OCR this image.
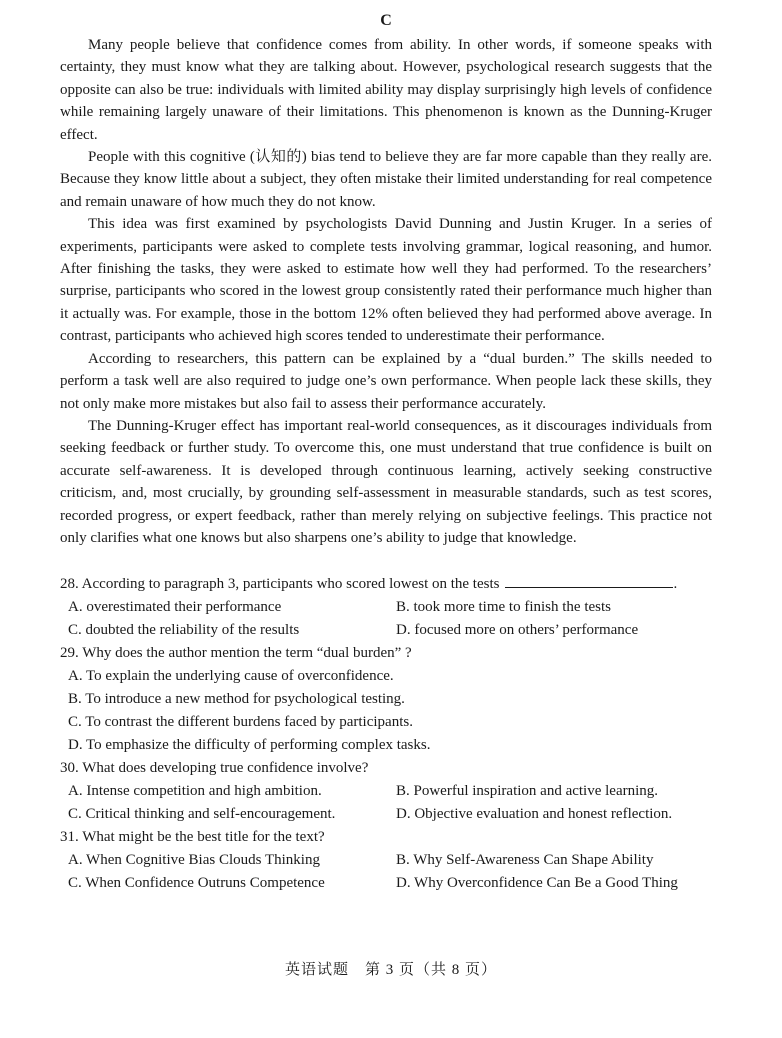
C

Many people believe that confidence comes from ability. In other words, if someone speaks with certainty, they must know what they are talking about. However, psychological research suggests that the opposite can also be true: individuals with limited ability may display surprisingly high levels of confidence while remaining largely unaware of their limitations. This phenomenon is known as the Dunning-Kruger effect.

People with this cognitive (认知的) bias tend to believe they are far more capable than they really are. Because they know little about a subject, they often mistake their limited understanding for real competence and remain unaware of how much they do not know.

This idea was first examined by psychologists David Dunning and Justin Kruger. In a series of experiments, participants were asked to complete tests involving grammar, logical reasoning, and humor. After finishing the tasks, they were asked to estimate how well they had performed. To the researchers’ surprise, participants who scored in the lowest group consistently rated their performance much higher than it actually was. For example, those in the bottom 12% often believed they had performed above average. In contrast, participants who achieved high scores tended to underestimate their performance.

According to researchers, this pattern can be explained by a “dual burden.” The skills needed to perform a task well are also required to judge one’s own performance. When people lack these skills, they not only make more mistakes but also fail to assess their performance accurately.

The Dunning-Kruger effect has important real-world consequences, as it discourages individuals from seeking feedback or further study. To overcome this, one must understand that true confidence is built on accurate self-awareness. It is developed through continuous learning, actively seeking constructive criticism, and, most crucially, by grounding self-assessment in measurable standards, such as test scores, recorded progress, or expert feedback, rather than merely relying on subjective feelings. This practice not only clarifies what one knows but also sharpens one’s ability to judge that knowledge.

28. According to paragraph 3, participants who scored lowest on the tests	.

A. overestimated their performance	B. took more time to finish the tests

C. doubted the reliability of the results	D. focused more on others’ performance

29. Why does the author mention the term “dual burden” ?

A. To explain the underlying cause of overconfidence.

B. To introduce a new method for psychological testing.

C. To contrast the different burdens faced by participants.

D. To emphasize the difficulty of performing complex tasks.

30. What does developing true confidence involve?

A. Intense competition and high ambition.	B. Powerful inspiration and active learning.

C. Critical thinking and self-encouragement.	D. Objective evaluation and honest reflection.

31. What might be the best title for the text?

A. When Cognitive Bias Clouds Thinking	B. Why Self-Awareness Can Shape Ability

C. When Confidence Outruns Competence	D. Why Overconfidence Can Be a Good Thing

英语试题　第 3 页（共 8 页）
